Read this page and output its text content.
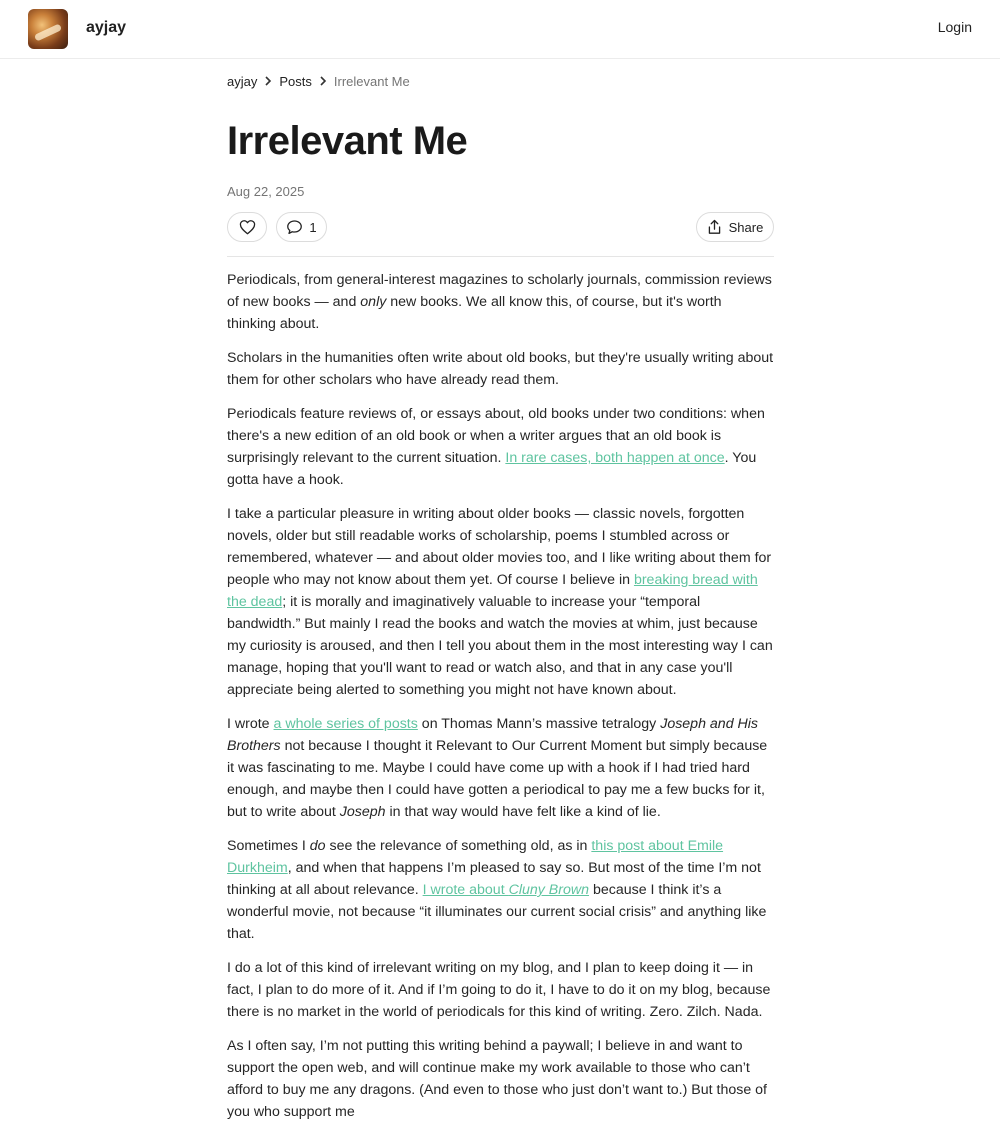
ayjay	Login
ayjay Posts Irrelevant Me
Irrelevant Me
Aug 22, 2025
1	Share

Periodicals, from general-interest magazines to scholarly journals, commission reviews of new books — and only new books. We all know this, of course, but it's worth thinking about.

Scholars in the humanities often write about old books, but they're usually writing about them for other scholars who have already read them.

Periodicals feature reviews of, or essays about, old books under two conditions: when there's a new edition of an old book or when a writer argues that an old book is surprisingly relevant to the current situation. In rare cases, both happen at once. You gotta have a hook.

I take a particular pleasure in writing about older books — classic novels, forgotten novels, older but still readable works of scholarship, poems I stumbled across or remembered, whatever — and about older movies too, and I like writing about them for people who may not know about them yet. Of course I believe in breaking bread with the dead; it is morally and imaginatively valuable to increase your “temporal bandwidth.” But mainly I read the books and watch the movies at whim, just because my curiosity is aroused, and then I tell you about them in the most interesting way I can manage, hoping that you'll want to read or watch also, and that in any case you'll appreciate being alerted to something you might not have known about.

I wrote a whole series of posts on Thomas Mann’s massive tetralogy Joseph and His Brothers not because I thought it Relevant to Our Current Moment but simply because it was fascinating to me. Maybe I could have come up with a hook if I had tried hard enough, and maybe then I could have gotten a periodical to pay me a few bucks for it, but to write about Joseph in that way would have felt like a kind of lie.

Sometimes I do see the relevance of something old, as in this post about Emile Durkheim, and when that happens I’m pleased to say so. But most of the time I’m not thinking at all about relevance. I wrote about Cluny Brown because I think it’s a wonderful movie, not because “it illuminates our current social crisis” and anything like that.

I do a lot of this kind of irrelevant writing on my blog, and I plan to keep doing it — in fact, I plan to do more of it. And if I’m going to do it, I have to do it on my blog, because there is no market in the world of periodicals for this kind of writing. Zero. Zilch. Nada.

As I often say, I’m not putting this writing behind a paywall; I believe in and want to support the open web, and will continue make my work available to those who can’t afford to buy me any dragons. (And even to those who just don’t want to.) But those of you who support me
